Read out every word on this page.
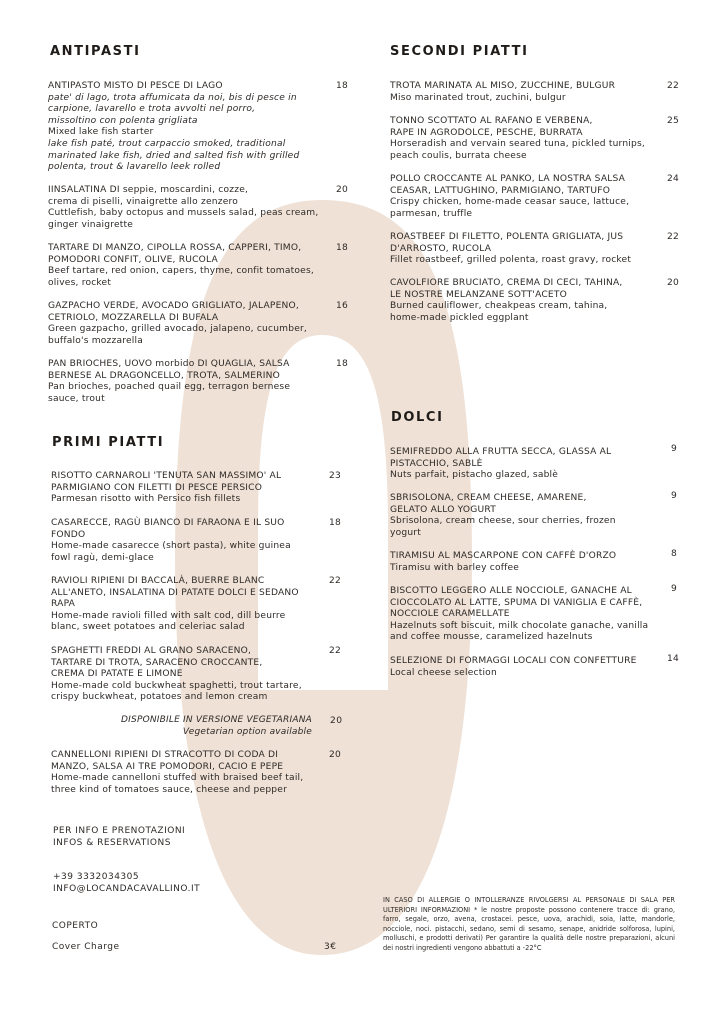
ANTIPASTI
ANTIPASTO MISTO DI PESCE DI LAGO
pate' di lago, trota affumicata da noi, bis di pesce in carpione, lavarello e trota avvolti nel porro, missoltino con polenta grigliata
Mixed lake fish starter
lake fish paté, trout carpaccio smoked, traditional marinated lake fish, dried and salted fish with grilled polenta, trout & lavarello leek rolled
18
IINSALATINA DI seppie, moscardini, cozze,
crema di piselli, vinaigrette allo zenzero
Cuttlefish, baby octopus and mussels salad, peas cream, ginger vinaigrette
20
TARTARE DI MANZO, CIPOLLA ROSSA, CAPPERI, TIMO, POMODORI CONFIT, OLIVE, RUCOLA
Beef tartare, red onion, capers, thyme, confit tomatoes, olives, rocket
18
GAZPACHO VERDE, AVOCADO GRIGLIATO, JALAPENO, CETRIOLO, MOZZARELLA DI BUFALA
Green gazpacho, grilled avocado, jalapeno, cucumber, buffalo's mozzarella
16
PAN BRIOCHES, UOVO morbido DI QUAGLIA, SALSA BERNESE AL DRAGONCELLO, TROTA, SALMERINO
Pan brioches, poached quail egg, terragon bernese sauce, trout
18
PRIMI PIATTI
RISOTTO CARNAROLI 'TENUTA SAN MASSIMO' AL PARMIGIANO CON FILETTI DI PESCE PERSICO
Parmesan risotto with Persico fish fillets
23
CASARECCE, RAGÙ BIANCO DI FARAONA E IL SUO FONDO
Home-made casarecce (short pasta), white guinea fowl ragù, demi-glace
18
RAVIOLI RIPIENI DI BACCALÀ, BUERRE BLANC ALL'ANETO, INSALATINA DI PATATE DOLCI E SEDANO RAPA
Home-made ravioli filled with salt cod, dill beurre blanc, sweet potatoes and celeriac salad
22
SPAGHETTI FREDDI AL GRANO SARACENO, TARTARE DI TROTA, SARACENO CROCCANTE, CREMA DI PATATE E LIMONE
Home-made cold buckwheat spaghetti, trout tartare, crispy buckwheat, potatoes and lemon cream
22
DISPONIBILE IN VERSIONE VEGETARIANA
Vegetarian option available
20
CANNELLONI RIPIENI DI STRACOTTO DI CODA DI MANZO, SALSA AI TRE POMODORI, CACIO E PEPE
Home-made cannelloni stuffed with braised beef tail, three kind of tomatoes sauce, cheese and pepper
20
SECONDI PIATTI
TROTA MARINATA AL MISO, ZUCCHINE, BULGUR
Miso marinated trout, zuchini, bulgur
22
TONNO SCOTTATO AL RAFANO E VERBENA, RAPE IN AGRODOLCE, PESCHE, BURRATA
Horseradish and vervain seared tuna, pickled turnips, peach coulis, burrata cheese
25
POLLO CROCCANTE AL PANKO, LA NOSTRA SALSA CEASAR, LATTUGHINO, PARMIGIANO, TARTUFO
Crispy chicken, home-made ceasar sauce, lattuce, parmesan, truffle
24
ROASTBEEF DI FILETTO, POLENTA GRIGLIATA, JUS D'ARROSTO, RUCOLA
Fillet roastbeef, grilled polenta, roast gravy, rocket
22
CAVOLFIORE BRUCIATO, CREMA DI CECI, TAHINA, LE NOSTRE MELANZANE SOTT'ACETO
Burned cauliflower, cheakpeas cream, tahina, home-made pickled eggplant
20
DOLCI
SEMIFREDDO ALLA FRUTTA SECCA, GLASSA AL PISTACCHIO, SABLÈ
Nuts parfait, pistacho glazed, sablè
9
SBRISOLONA, CREAM CHEESE, AMARENE, GELATO ALLO YOGURT
Sbrisolona, cream cheese, sour cherries, frozen yogurt
9
TIRAMISU AL MASCARPONE CON CAFFÈ D'ORZO
Tiramisu with barley coffee
8
BISCOTTO LEGGERO ALLE NOCCIOLE, GANACHE AL CIOCCOLATO AL LATTE, SPUMA DI VANIGLIA E CAFFÈ, NOCCIOLE CARAMELLATE
Hazelnuts soft biscuit, milk chocolate ganache, vanilla and coffee mousse, caramelized hazelnuts
9
SELEZIONE DI FORMAGGI LOCALI CON CONFETTURE
Local cheese selection
14
PER INFO E PRENOTAZIONI
INFOS & RESERVATIONS
+39 3332034305
INFO@LOCANDACAVALLINO.IT
COPERTO
Cover Charge	3€
IN CASO DI ALLERGIE O INTOLLERANZE RIVOLGERSI AL PERSONALE DI SALA PER ULTERIORI INFORMAZIONI * le nostre proposte possono contenere tracce di: grano, farro, segale, orzo, avena, crostacei. pesce, uova, arachidi, soia, latte, mandorle, nocciole, noci. pistacchi, sedano, semi di sesamo, senape, anidride solforosa, lupini, molluschi, e prodotti derivati) Per garantire la qualità delle nostre preparazioni, alcuni dei nostri ingredienti vengono abbattuti a -22°C
